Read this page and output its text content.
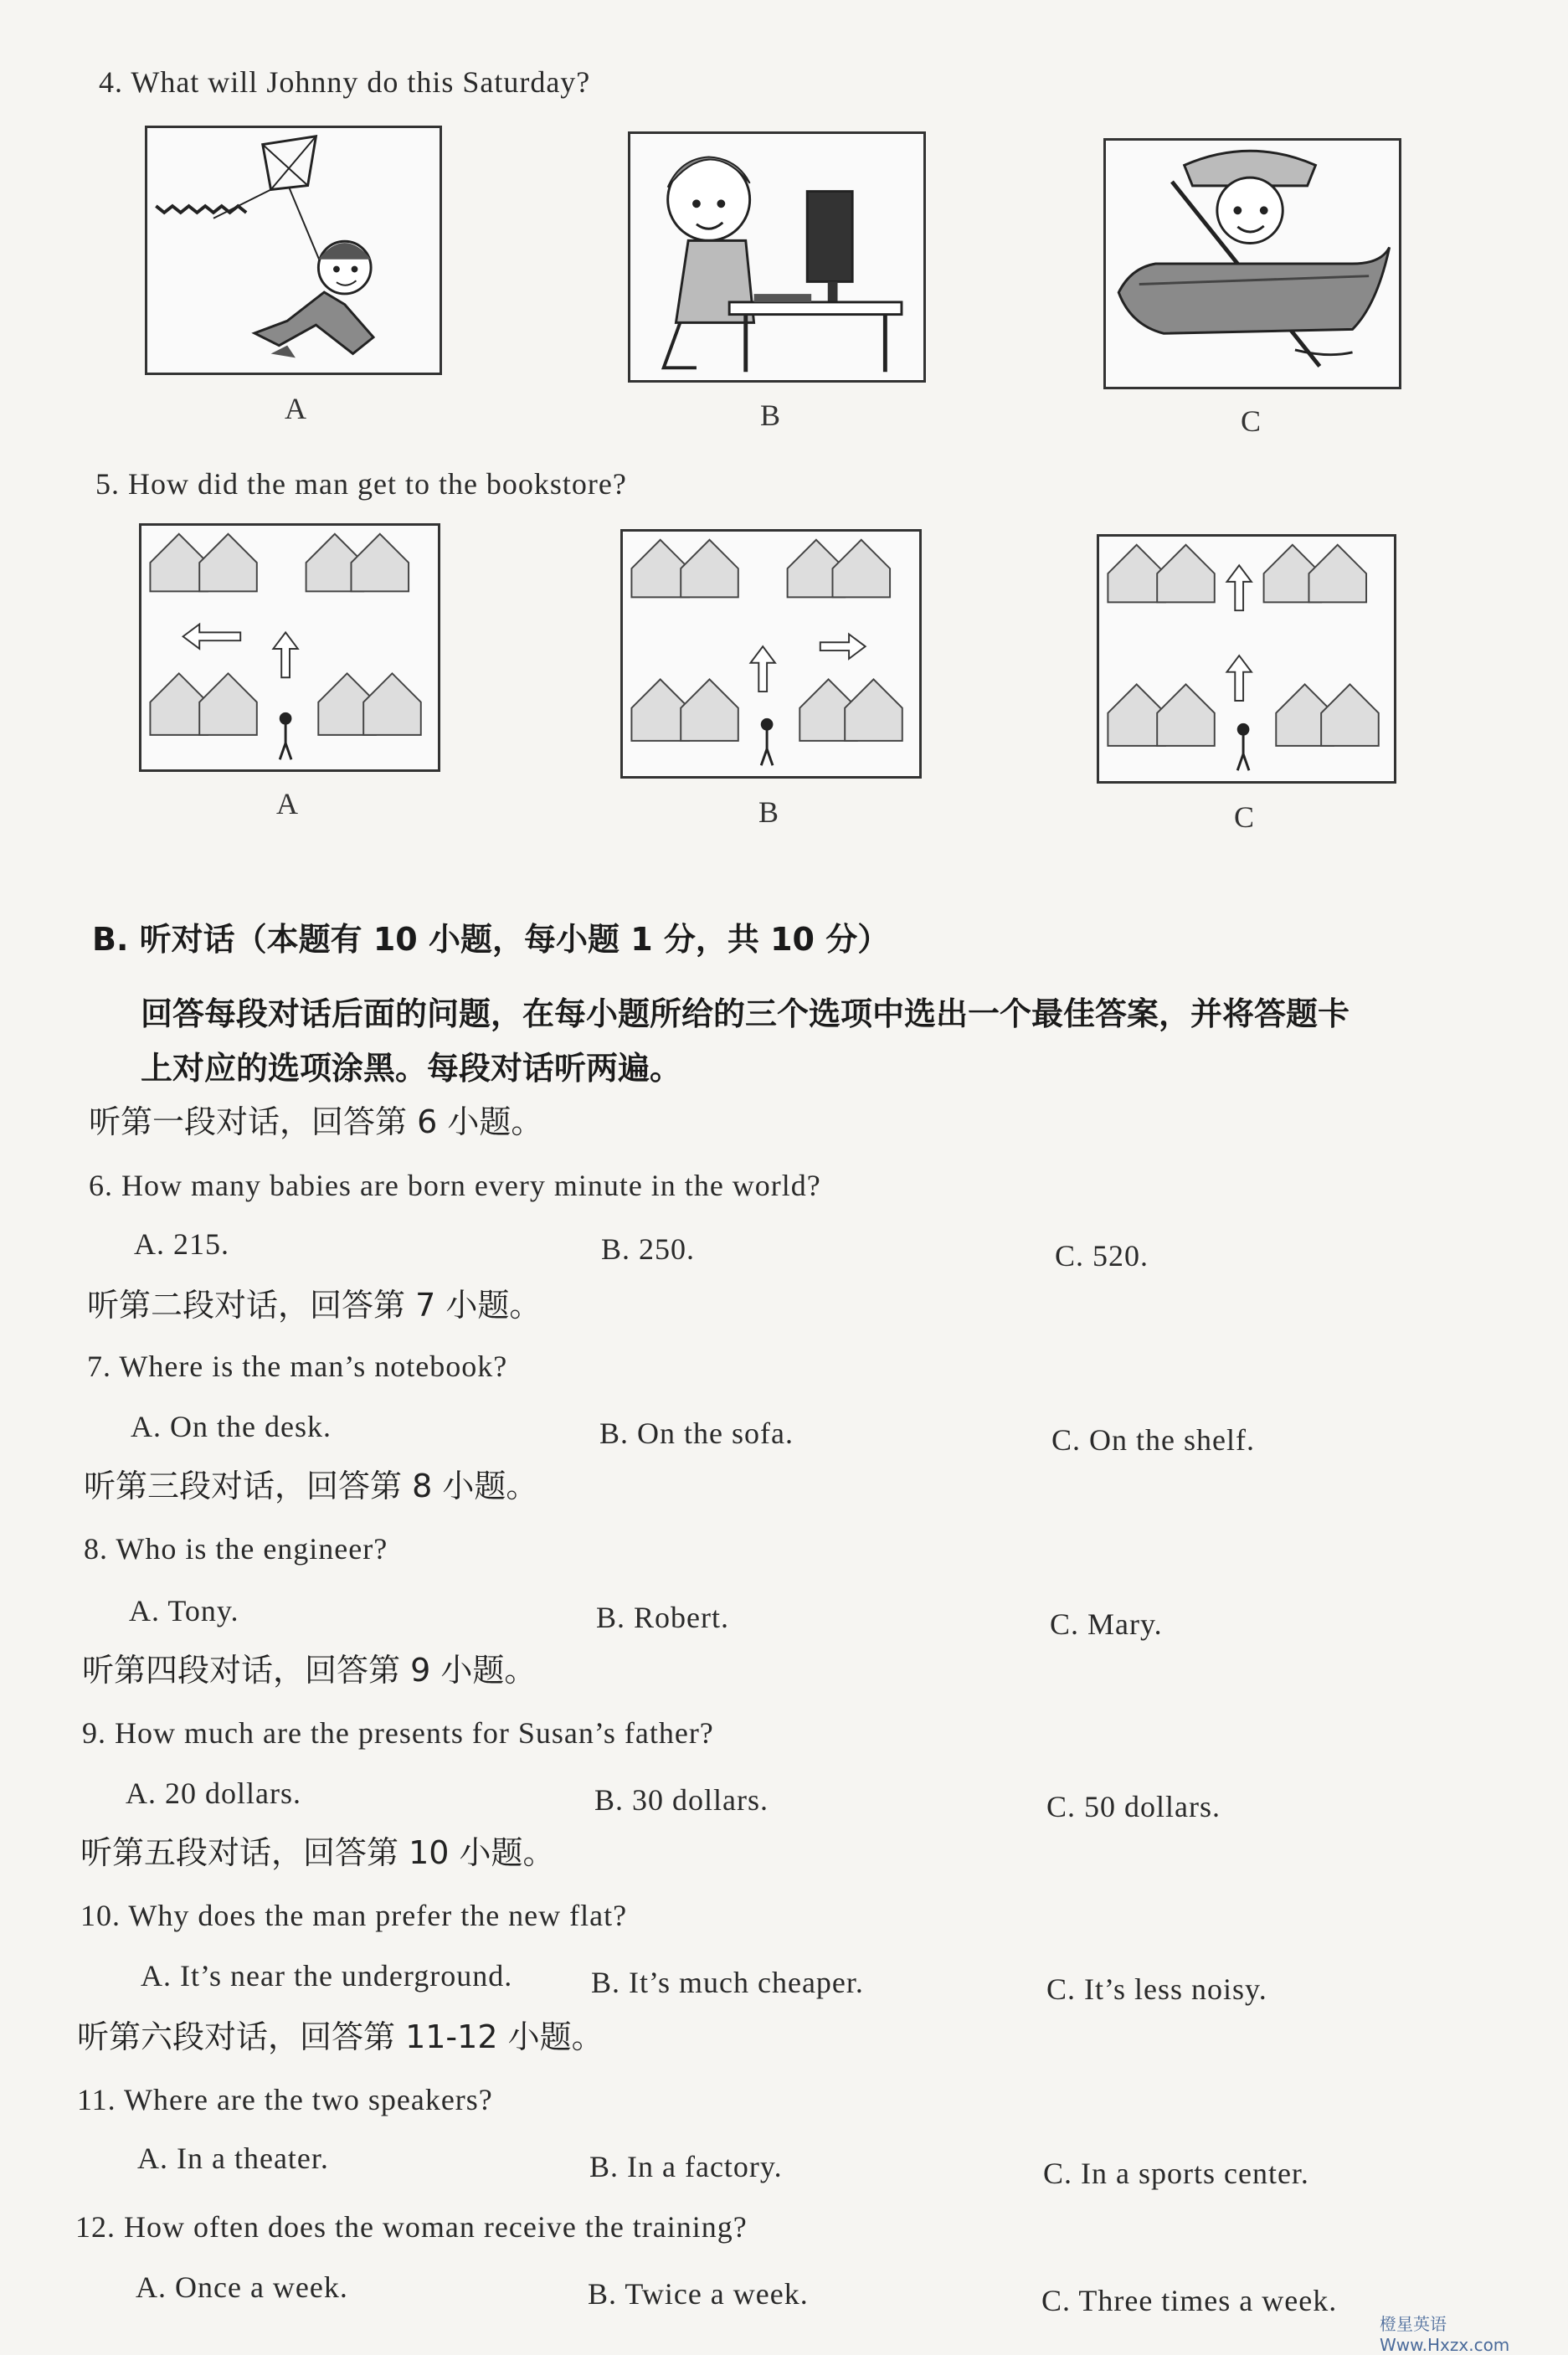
4. What will Johnny do this Saturday?
A	B	C
5. How did the man get to the bookstore?
A	B	C
B. 听对话（本题有 10 小题，每小题 1 分，共 10 分）
回答每段对话后面的问题，在每小题所给的三个选项中选出一个最佳答案，并将答题卡
上对应的选项涂黑。每段对话听两遍。
听第一段对话，回答第 6 小题。
6. How many babies are born every minute in the world?
A. 215.	B. 250.	C. 520.
听第二段对话，回答第 7 小题。
7. Where is the man’s notebook?
A. On the desk.	B. On the sofa.	C. On the shelf.
听第三段对话，回答第 8 小题。
8. Who is the engineer?
A. Tony.	B. Robert.	C. Mary.
听第四段对话，回答第 9 小题。
9. How much are the presents for Susan’s father?
A. 20 dollars.	B. 30 dollars.	C. 50 dollars.
听第五段对话，回答第 10 小题。
10. Why does the man prefer the new flat?
A. It’s near the underground.	B. It’s much cheaper.	C. It’s less noisy.
听第六段对话，回答第 11-12 小题。
11. Where are the two speakers?
A. In a theater.	B. In a factory.	C. In a sports center.
12. How often does the woman receive the training?
A. Once a week.	B. Twice a week.	C. Three times a week.
橙星英语 Www.Hxzx.com
